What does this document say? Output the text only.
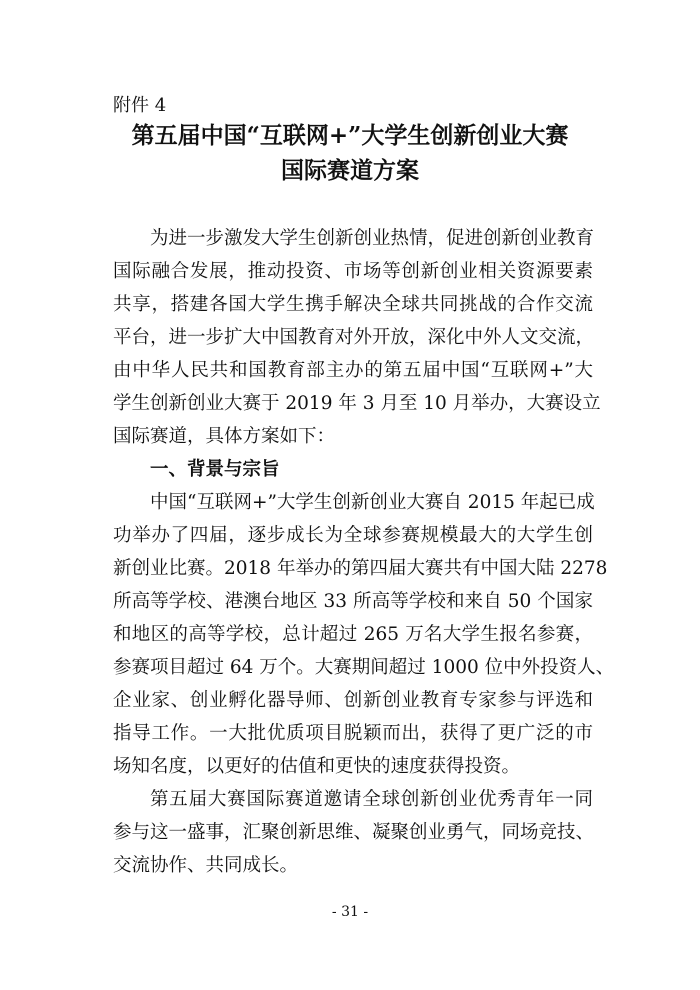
附件 4
第五届中国“互联网+”大学生创新创业大赛
国际赛道方案
为进一步激发大学生创新创业热情，促进创新创业教育
国际融合发展，推动投资、市场等创新创业相关资源要素
共享，搭建各国大学生携手解决全球共同挑战的合作交流
平台，进一步扩大中国教育对外开放，深化中外人文交流，
由中华人民共和国教育部主办的第五届中国“互联网+”大
学生创新创业大赛于 2019 年 3 月至 10 月举办，大赛设立
国际赛道，具体方案如下：
一、背景与宗旨
中国“互联网+”大学生创新创业大赛自 2015 年起已成
功举办了四届，逐步成长为全球参赛规模最大的大学生创
新创业比赛。2018 年举办的第四届大赛共有中国大陆 2278
所高等学校、港澳台地区 33 所高等学校和来自 50 个国家
和地区的高等学校，总计超过 265 万名大学生报名参赛，
参赛项目超过 64 万个。大赛期间超过 1000 位中外投资人、
企业家、创业孵化器导师、创新创业教育专家参与评选和
指导工作。一大批优质项目脱颖而出，获得了更广泛的市
场知名度，以更好的估值和更快的速度获得投资。
第五届大赛国际赛道邀请全球创新创业优秀青年一同
参与这一盛事，汇聚创新思维、凝聚创业勇气，同场竞技、
交流协作、共同成长。
- 31 -
